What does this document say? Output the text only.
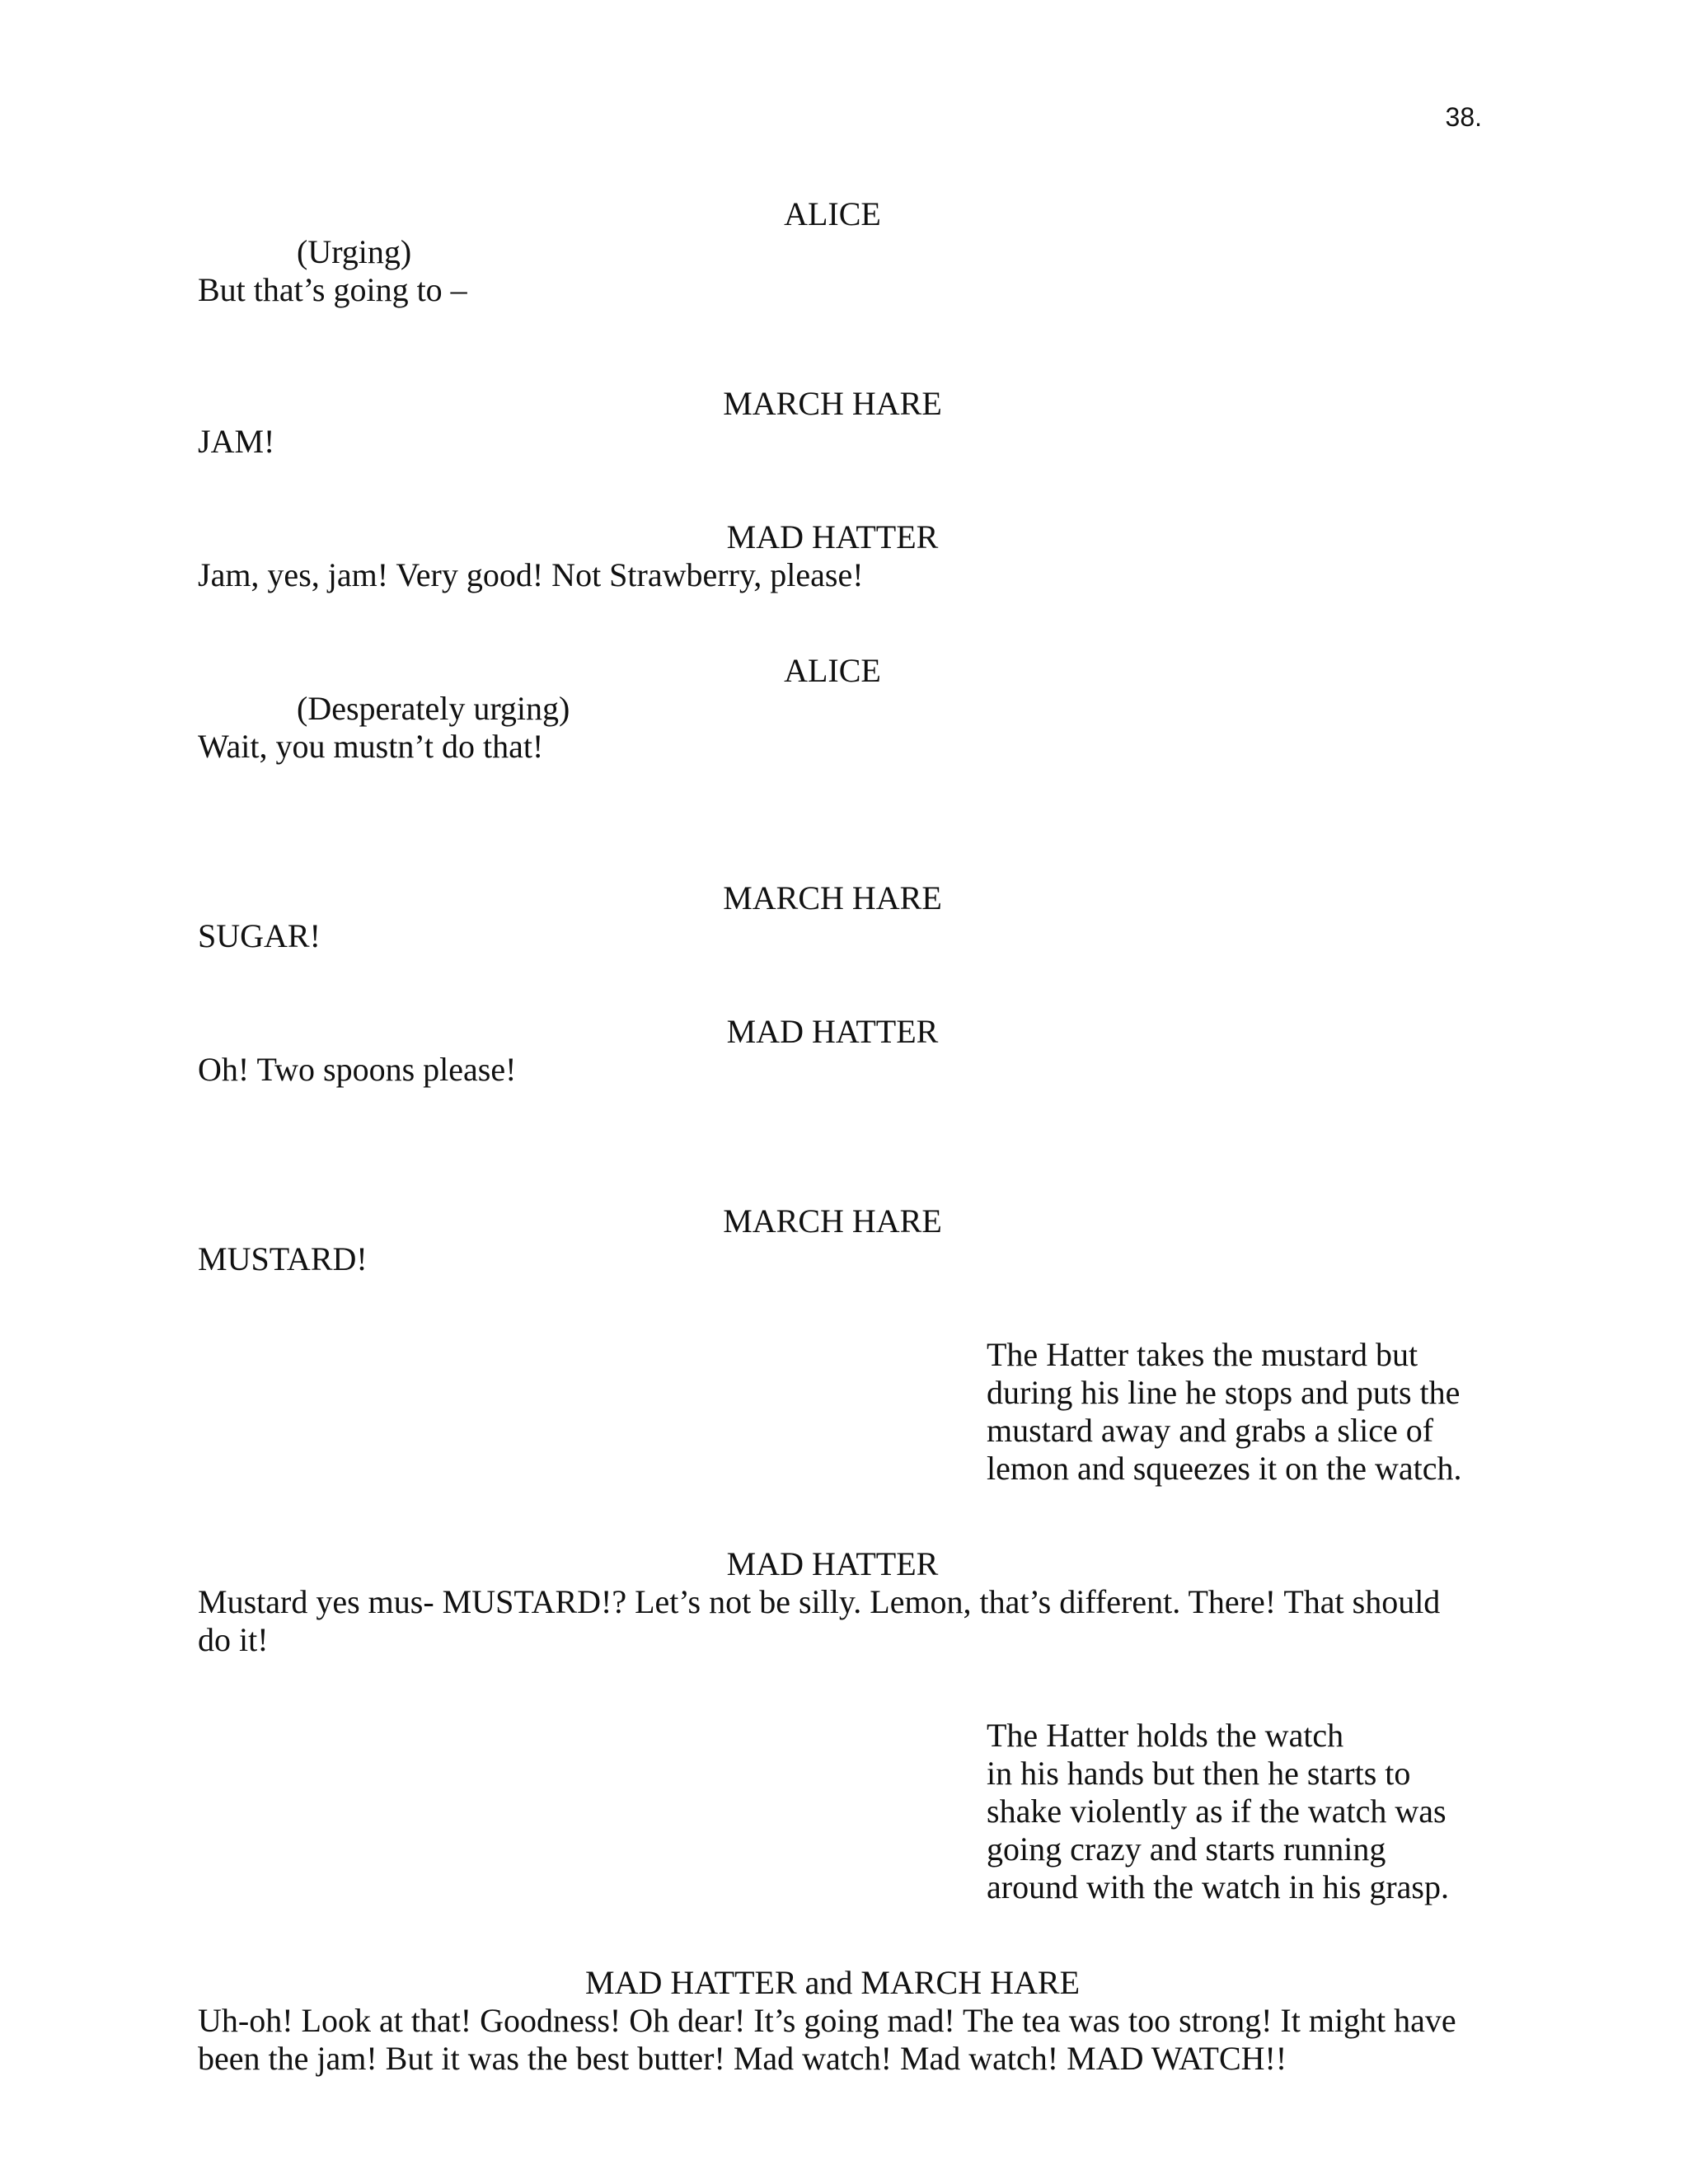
38.

ALICE

(Urging)

But that’s going to –

MARCH HARE

JAM!

MAD HATTER

Jam, yes, jam! Very good! Not Strawberry, please!

ALICE

(Desperately urging)

Wait, you mustn’t do that!

MARCH HARE

SUGAR!

MAD HATTER

Oh! Two spoons please!

MARCH HARE

MUSTARD!

The Hatter takes the mustard but
during his line he stops and puts the
mustard away and grabs a slice of
lemon and squeezes it on the watch.

MAD HATTER

Mustard yes mus- MUSTARD!? Let’s not be silly. Lemon, that’s different. There! That should do it!

The Hatter holds the watch
in his hands but then he starts to
shake violently as if the watch was
going crazy and starts running
around with the watch in his grasp.

MAD HATTER and MARCH HARE

Uh-oh! Look at that! Goodness! Oh dear! It’s going mad! The tea was too strong! It might have been the jam! But it was the best butter! Mad watch! Mad watch! MAD WATCH!!
